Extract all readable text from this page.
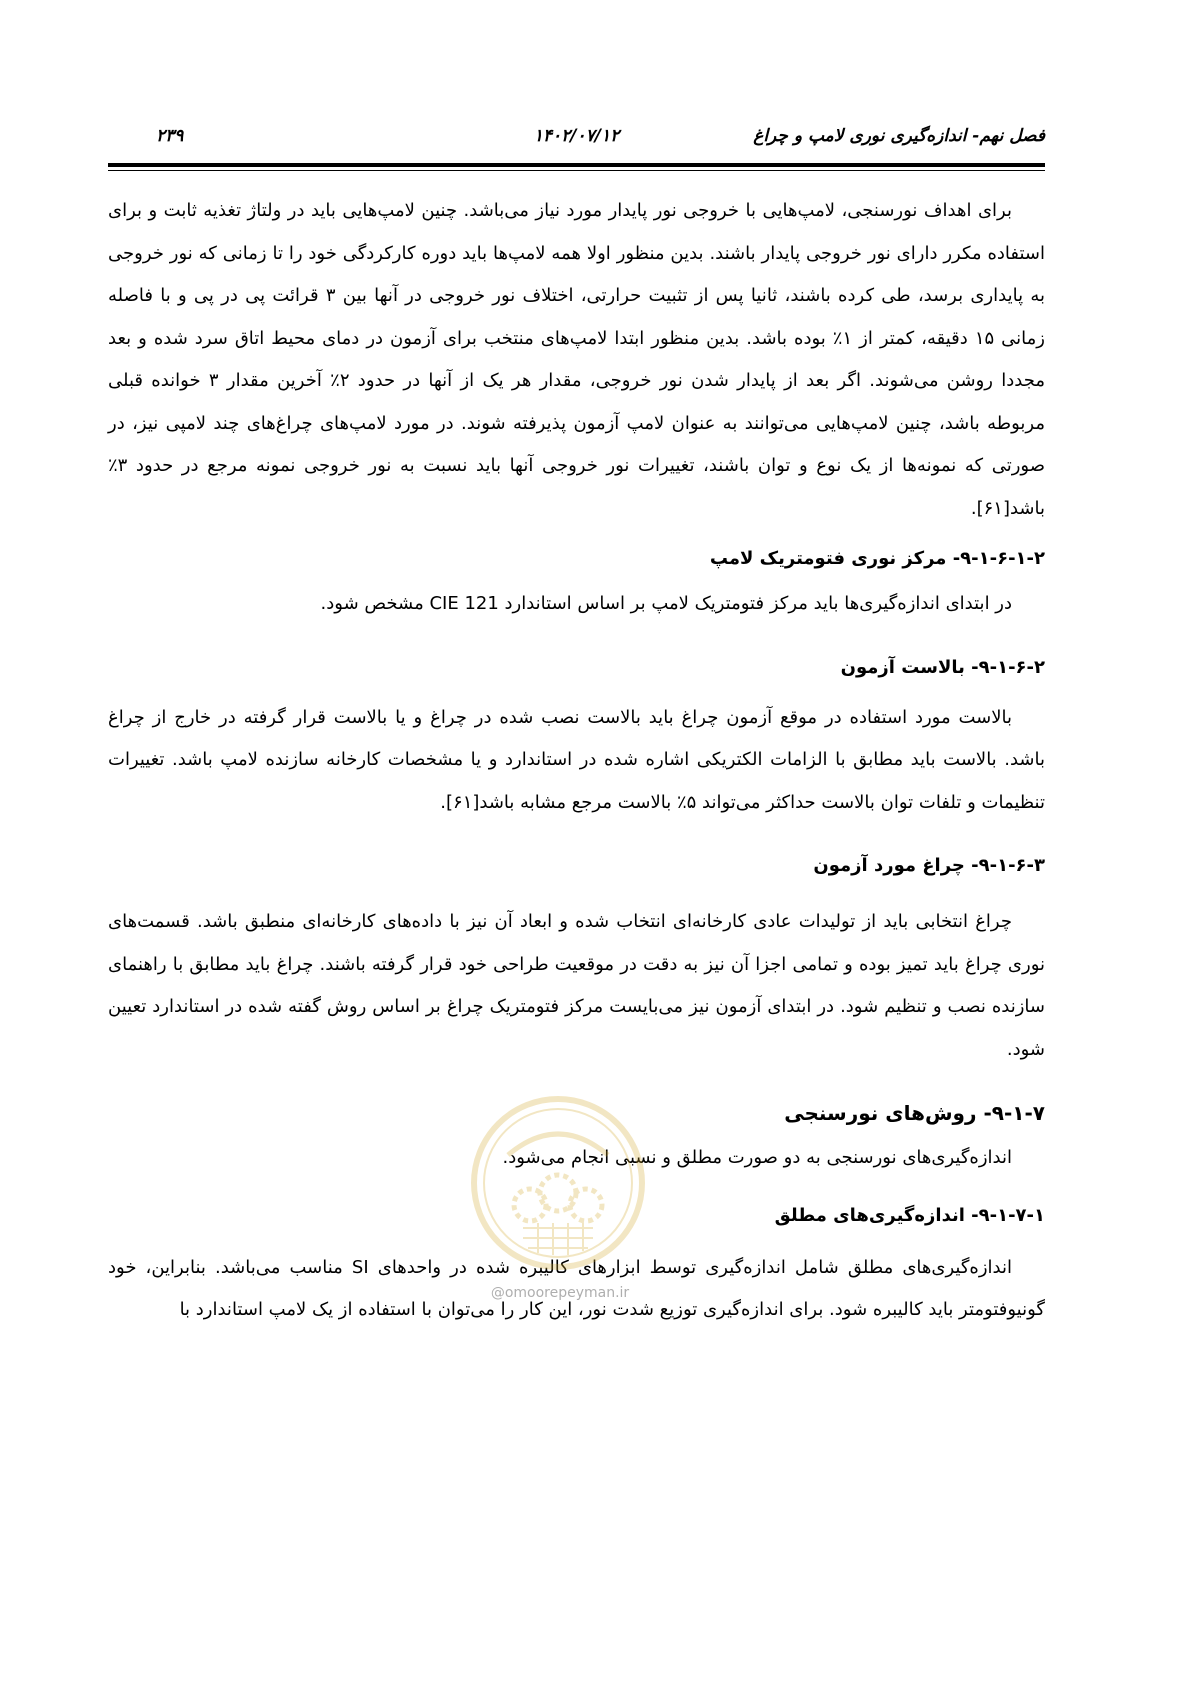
۲۳۹	۱۴۰۲/۰۷/۱۲	فصل نهم- اندازه‌گیری نوری لامپ و چراغ

برای اهداف نورسنجی، لامپ‌هایی با خروجی نور پایدار مورد نیاز می‌باشد. چنین لامپ‌هایی باید در ولتاژ تغذیه ثابت و برای استفاده مکرر دارای نور خروجی پایدار باشند. بدین منظور اولا همه لامپ‌ها باید دوره کارکردگی خود را تا زمانی که نور خروجی به پایداری برسد، طی کرده باشند، ثانیا پس از تثبیت حرارتی، اختلاف نور خروجی در آنها بین ۳ قرائت پی در پی و با فاصله زمانی ۱۵ دقیقه، کمتر از ۱٪ بوده باشد. بدین منظور ابتدا لامپ‌های منتخب برای آزمون در دمای محیط اتاق سرد شده و بعد مجددا روشن می‌شوند. اگر بعد از پایدار شدن نور خروجی، مقدار هر یک از آنها در حدود ۲٪ آخرین مقدار ۳ خوانده قبلی مربوطه باشد، چنین لامپ‌هایی می‌توانند به عنوان لامپ آزمون پذیرفته شوند. در مورد لامپ‌های چراغ‌های چند لامپی نیز، در صورتی که نمونه‌ها از یک نوع و توان باشند، تغییرات نور خروجی آنها باید نسبت به نور خروجی نمونه مرجع در حدود ۳٪ باشد[۶۱].

۹-۱-۶-۱-۲- مرکز نوری فتومتریک لامپ

در ابتدای اندازه‌گیری‌ها باید مرکز فتومتریک لامپ بر اساس استاندارد CIE 121 مشخص شود.

۹-۱-۶-۲- بالاست آزمون

بالاست مورد استفاده در موقع آزمون چراغ باید بالاست نصب شده در چراغ و یا بالاست قرار گرفته در خارج از چراغ باشد. بالاست باید مطابق با الزامات الکتریکی اشاره شده در استاندارد و یا مشخصات کارخانه سازنده لامپ باشد. تغییرات تنظیمات و تلفات توان بالاست حداکثر می‌تواند ۵٪ بالاست مرجع مشابه باشد[۶۱].

۹-۱-۶-۳- چراغ مورد آزمون

چراغ انتخابی باید از تولیدات عادی کارخانه‌ای انتخاب شده و ابعاد آن نیز با داده‌های کارخانه‌ای منطبق باشد. قسمت‌های نوری چراغ باید تمیز بوده و تمامی اجزا آن نیز به دقت در موقعیت طراحی خود قرار گرفته باشند. چراغ باید مطابق با راهنمای سازنده نصب و تنظیم شود. در ابتدای آزمون نیز می‌بایست مرکز فتومتریک چراغ بر اساس روش گفته شده در استاندارد تعیین شود.

۹-۱-۷- روش‌های نورسنجی

اندازه‌گیری‌های نورسنجی به دو صورت مطلق و نسبی انجام می‌شود.

۹-۱-۷-۱- اندازه‌گیری‌های مطلق

اندازه‌گیری‌های مطلق شامل اندازه‌گیری توسط ابزارهای کالیبره شده در واحدهای SI مناسب می‌باشد. بنابراین، خود گونیوفتومتر باید کالیبره شود. برای اندازه‌گیری توزیع شدت نور، این کار را می‌توان با استفاده از یک لامپ استاندارد با

@omoorepeyman.ir
